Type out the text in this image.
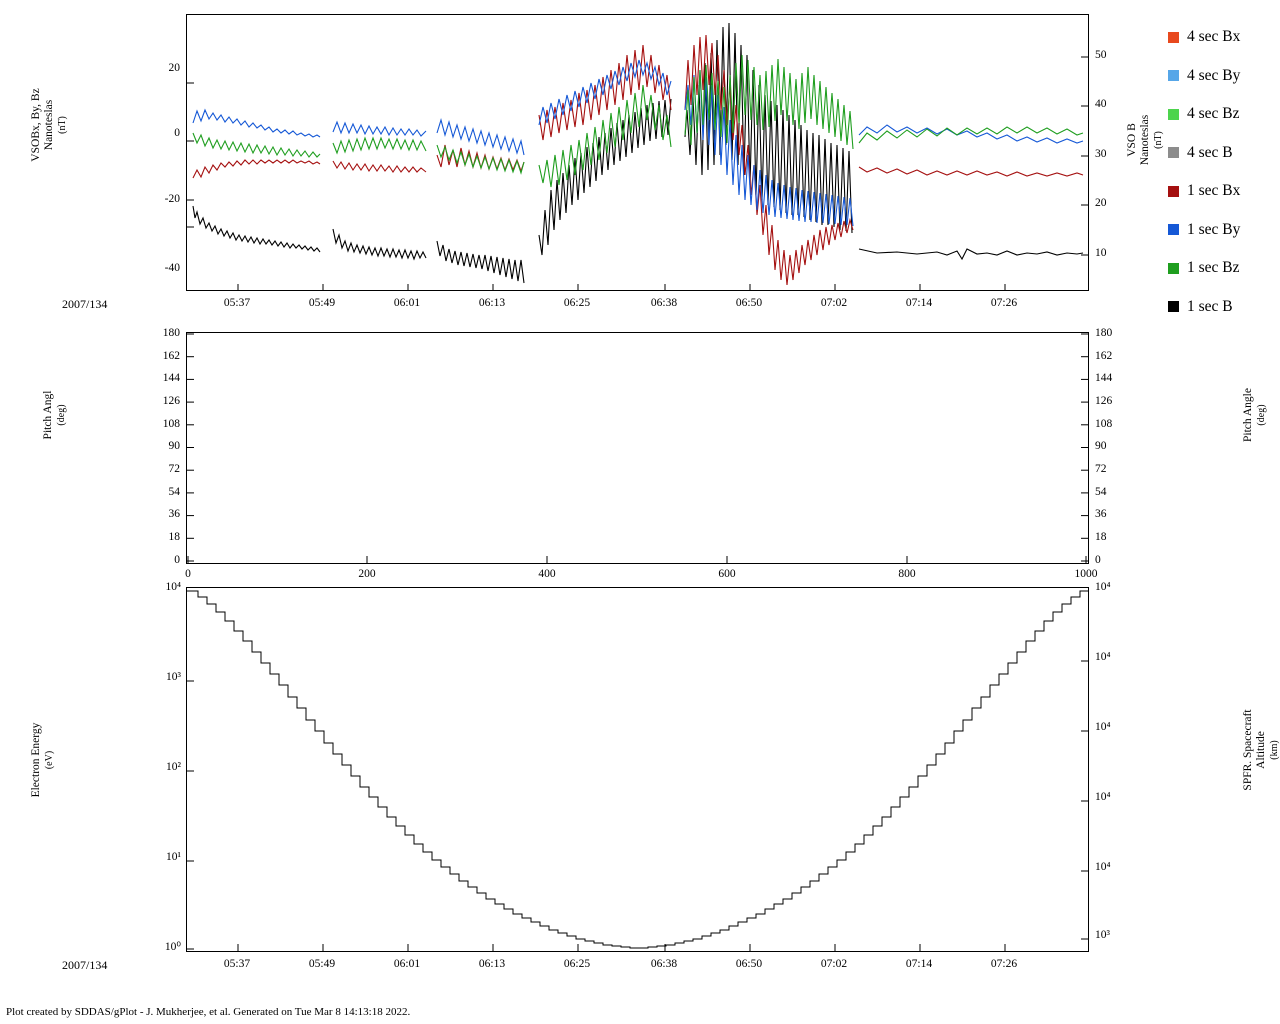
-40
-20
0
20
10
20
30
40
50
05:37	05:49	06:01	06:13	06:25	06:38	06:50	07:02	07:14	07:26
2007/134
VSOBx, By, Bz
Nanoteslas (nT)	VSO B
Nanoteslas (nT)
4 sec Bx
4 sec By
4 sec Bz
4 sec B
1 sec Bx
1 sec By
1 sec Bz
1 sec B
0
18
36
54
72
90
108
126
144
162
180
0
18
36
54
72
90
108
126
144
162
180
0	200	400	600	800	1000
Pitch Angl (deg)	Pitch Angle (deg)
10⁴
10³
10²
10¹
10⁰
10⁴
10⁴
10⁴
10⁴
10⁴
10³
05:37	05:49	06:01	06:13	06:25	06:38	06:50	07:02	07:14	07:26
2007/134
Electron Energy (eV)	SPFR. Spacecraft
Altitude (km)
Plot created by SDDAS/gPlot - J. Mukherjee, et al. Generated on Tue Mar 8 14:13:18 2022.
